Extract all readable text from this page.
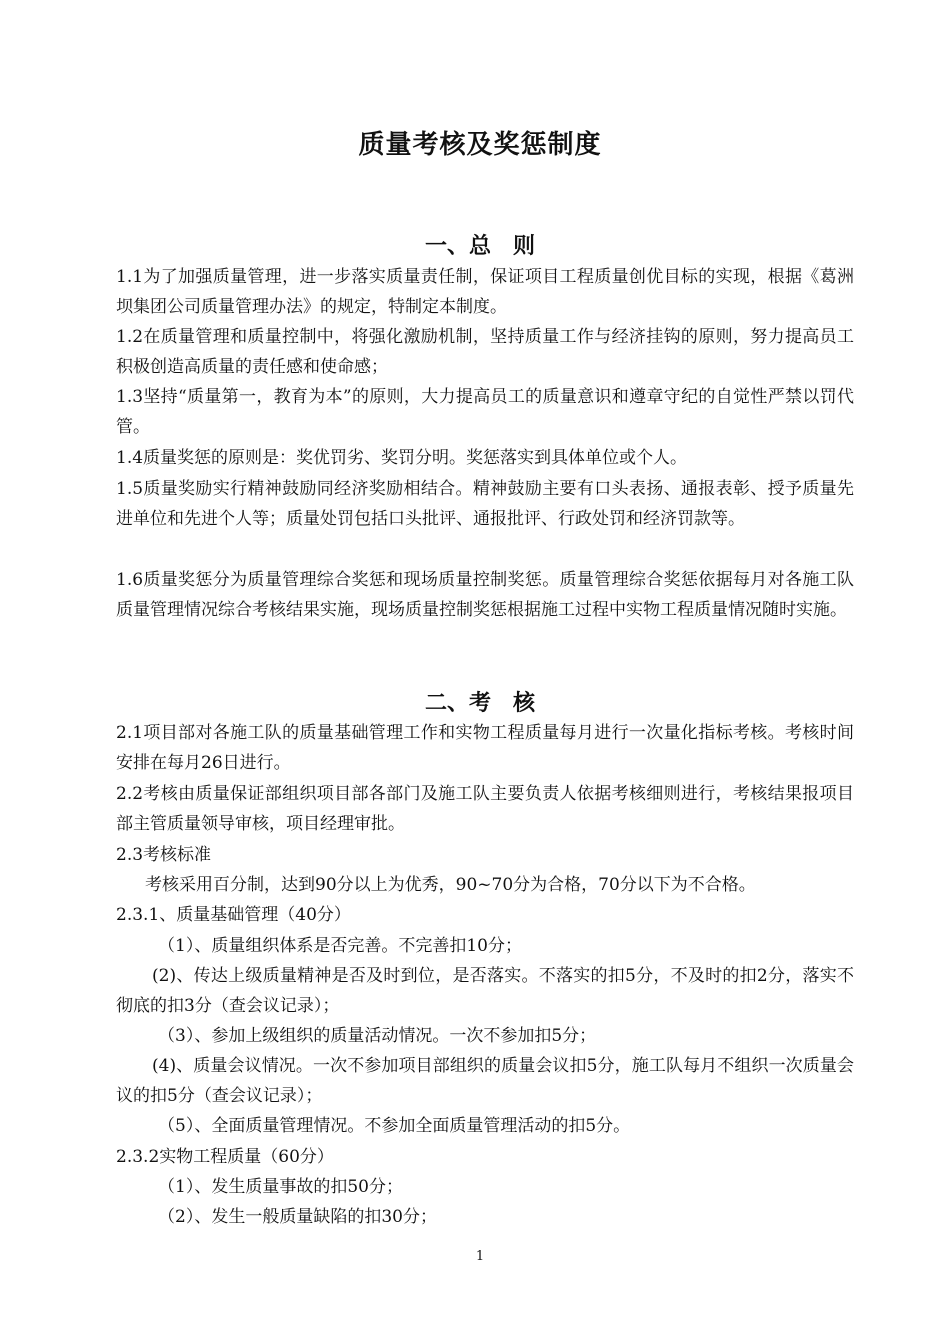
质量考核及奖惩制度
一、总　则
1.1为了加强质量管理，进一步落实质量责任制，保证项目工程质量创优目标的实现，根据《葛洲坝集团公司质量管理办法》的规定，特制定本制度。
1.2在质量管理和质量控制中，将强化激励机制，坚持质量工作与经济挂钩的原则，努力提高员工积极创造高质量的责任感和使命感；
1.3坚持“质量第一，教育为本”的原则，大力提高员工的质量意识和遵章守纪的自觉性严禁以罚代管。
1.4质量奖惩的原则是：奖优罚劣、奖罚分明。奖惩落实到具体单位或个人。
1.5质量奖励实行精神鼓励同经济奖励相结合。精神鼓励主要有口头表扬、通报表彰、授予质量先进单位和先进个人等；质量处罚包括口头批评、通报批评、行政处罚和经济罚款等。
1.6质量奖惩分为质量管理综合奖惩和现场质量控制奖惩。质量管理综合奖惩依据每月对各施工队质量管理情况综合考核结果实施，现场质量控制奖惩根据施工过程中实物工程质量情况随时实施。
二、考　核
2.1项目部对各施工队的质量基础管理工作和实物工程质量每月进行一次量化指标考核。考核时间安排在每月26日进行。
2.2考核由质量保证部组织项目部各部门及施工队主要负责人依据考核细则进行，考核结果报项目部主管质量领导审核，项目经理审批。
2.3考核标准
考核采用百分制，达到90分以上为优秀，90~70分为合格，70分以下为不合格。
2.3.1、质量基础管理（40分）
（1）、质量组织体系是否完善。不完善扣10分；
(2)、传达上级质量精神是否及时到位，是否落实。不落实的扣5分，不及时的扣2分，落实不彻底的扣3分（查会议记录）；
（3）、参加上级组织的质量活动情况。一次不参加扣5分；
(4)、质量会议情况。一次不参加项目部组织的质量会议扣5分，施工队每月不组织一次质量会议的扣5分（查会议记录）；
（5）、全面质量管理情况。不参加全面质量管理活动的扣5分。
2.3.2实物工程质量（60分）
（1）、发生质量事故的扣50分；
（2）、发生一般质量缺陷的扣30分；
1
